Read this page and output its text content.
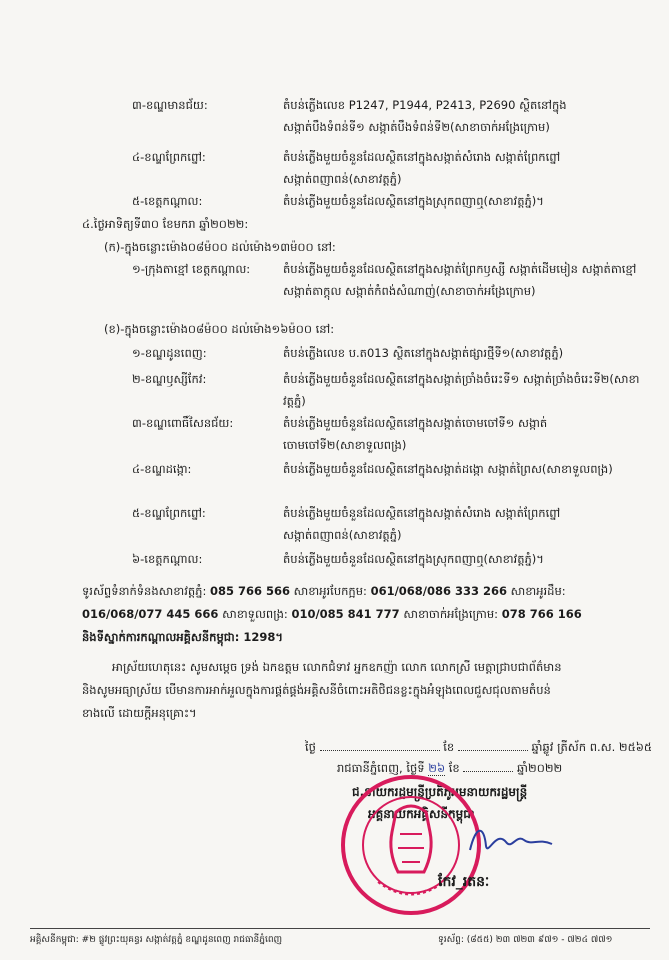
៣-ខណ្ឌមានជ័យ:	តំបន់ភ្លើងលេខ P1247, P1944, P2413, P2690 ស្ថិតនៅក្នុងសង្កាត់បឹងទំពន់ទី១ សង្កាត់បឹងទំពន់ទី២(សាខាចាក់អង្រែក្រោម)
៤-ខណ្ឌព្រែកព្នៅ:	តំបន់ភ្លើងមួយចំនួនដែលស្ថិតនៅក្នុងសង្កាត់សំរោង សង្កាត់ព្រែកព្នៅ សង្កាត់ពញាពន់(សាខាវត្តភ្នំ)
៥-ខេត្តកណ្តាល:	តំបន់ភ្លើងមួយចំនួនដែលស្ថិតនៅក្នុងស្រុកពញាឮ(សាខាវត្តភ្នំ)។
៤.ថ្ងៃអាទិត្យទី៣០ ខែមករា ឆ្នាំ២០២២:
(ក)-ក្នុងចន្លោះម៉ោង០៨ម៉០០ ដល់ម៉ោង១៣ម៉០០ នៅ:
១-ក្រុងតាខ្មៅ ខេត្តកណ្តាល:	តំបន់ភ្លើងមួយចំនួនដែលស្ថិតនៅក្នុងសង្កាត់ព្រែកឫស្សី សង្កាត់ដើមមៀន សង្កាត់តាខ្មៅ សង្កាត់តាក្តុល សង្កាត់កំពង់សំណាញ់(សាខាចាក់អង្រែក្រោម)
(ខ)-ក្នុងចន្លោះម៉ោង០៨ម៉០០ ដល់ម៉ោង១៦ម៉០០ នៅ:
១-ខណ្ឌដូនពេញ:	តំបន់ភ្លើងលេខ ប.ត013 ស្ថិតនៅក្នុងសង្កាត់ផ្សារថ្មីទី១(សាខាវត្តភ្នំ)
២-ខណ្ឌឫស្សីកែវ:	តំបន់ភ្លើងមួយចំនួនដែលស្ថិតនៅក្នុងសង្កាត់ច្រាំងចំរេះទី១ សង្កាត់ច្រាំងចំរេះទី២(សាខាវត្តភ្នំ)
៣-ខណ្ឌពោធិ៍សែនជ័យ:	តំបន់ភ្លើងមួយចំនួនដែលស្ថិតនៅក្នុងសង្កាត់ចោមចៅទី១ សង្កាត់ចោមចៅទី២(សាខាទួលពង្រ)
៤-ខណ្ឌដង្កោ:	តំបន់ភ្លើងមួយចំនួនដែលស្ថិតនៅក្នុងសង្កាត់ដង្កោ សង្កាត់ព្រៃស(សាខាទួលពង្រ)
៥-ខណ្ឌព្រែកព្នៅ:	តំបន់ភ្លើងមួយចំនួនដែលស្ថិតនៅក្នុងសង្កាត់សំរោង សង្កាត់ព្រែកព្នៅ សង្កាត់ពញាពន់(សាខាវត្តភ្នំ)
៦-ខេត្តកណ្តាល:	តំបន់ភ្លើងមួយចំនួនដែលស្ថិតនៅក្នុងស្រុកពញាឮ(សាខាវត្តភ្នំ)។
ទូរស័ព្ទទំនាក់ទំនងសាខាវត្តភ្នំ: 085 766 566 សាខាអូរបែកក្អម: 061/068/086 333 266 សាខាអូរដឹម:
016/068/077 445 666 សាខាទួលពង្រ: 010/085 841 777 សាខាចាក់អង្រែក្រោម: 078 766 166
និងទីស្នាក់ការកណ្តាលអគ្គិសនីកម្ពុជា: 1298។
អាស្រ័យហេតុនេះ សូមសម្តេច ទ្រង់ ឯកឧត្តម លោកជំទាវ អ្នកឧកញ៉ា លោក លោកស្រី មេត្តាជ្រាបជាព័ត៌មាន
និងសូមអធ្យាស្រ័យ បើមានការអាក់អួលក្នុងការផ្គត់ផ្គង់អគ្គិសនីចំពោះអតិថិជនខ្លះក្នុងអំឡុងពេលជួសជុលតាមតំបន់
ខាងលើ ដោយក្តីអនុគ្រោះ។
ថ្ងៃ	ខែ	ឆ្នាំឆ្លូវ ត្រីស័ក ព.ស. ២៥៦៥
រាជធានីភ្នំពេញ, ថ្ងៃទី ២៦ ខែ	ឆ្នាំ២០២២
ជ.នាយករដ្ឋមន្ត្រីប្រតិភូអមនាយករដ្ឋមន្ត្រី
អគ្គនាយកអគ្គិសនីកម្ពុជា
កែវ_រតនៈ
អគ្គិសនីកម្ពុជា: #២ ផ្លូវព្រះយុគន្ធរ សង្កាត់វត្តភ្នំ ខណ្ឌដូនពេញ រាជធានីភ្នំពេញ	ទូរស័ព្ទ: (៨៥៥) ២៣ ៧២៣ ៩៧១ - ៧២៤ ៧៧១
